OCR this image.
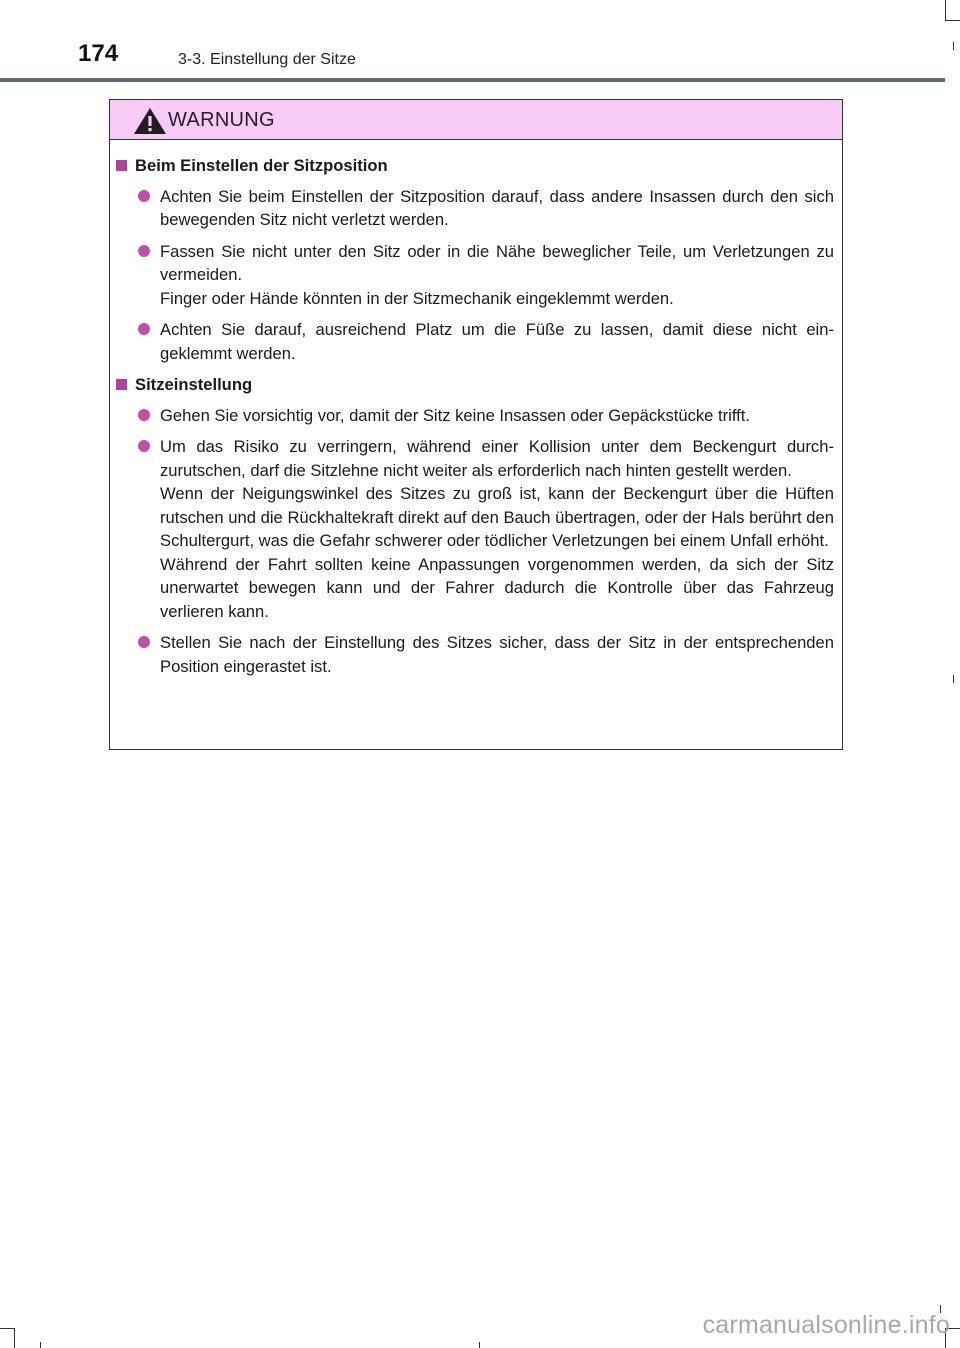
174	3-3. Einstellung der Sitze
WARNUNG
Beim Einstellen der Sitzposition
Achten Sie beim Einstellen der Sitzposition darauf, dass andere Insassen durch den sich bewegenden Sitz nicht verletzt werden.
Fassen Sie nicht unter den Sitz oder in die Nähe beweglicher Teile, um Verletzungen zu vermeiden.
Finger oder Hände könnten in der Sitzmechanik eingeklemmt werden.
Achten Sie darauf, ausreichend Platz um die Füße zu lassen, damit diese nicht eingeklemmt werden.
Sitzeinstellung
Gehen Sie vorsichtig vor, damit der Sitz keine Insassen oder Gepäckstücke trifft.
Um das Risiko zu verringern, während einer Kollision unter dem Beckengurt durchzurutschen, darf die Sitzlehne nicht weiter als erforderlich nach hinten gestellt werden.
Wenn der Neigungswinkel des Sitzes zu groß ist, kann der Beckengurt über die Hüften rutschen und die Rückhaltekraft direkt auf den Bauch übertragen, oder der Hals berührt den Schultergurt, was die Gefahr schwerer oder tödlicher Verletzungen bei einem Unfall erhöht.
Während der Fahrt sollten keine Anpassungen vorgenommen werden, da sich der Sitz unerwartet bewegen kann und der Fahrer dadurch die Kontrolle über das Fahrzeug verlieren kann.
Stellen Sie nach der Einstellung des Sitzes sicher, dass der Sitz in der entsprechenden Position eingerastet ist.
carmanualsonline.info
